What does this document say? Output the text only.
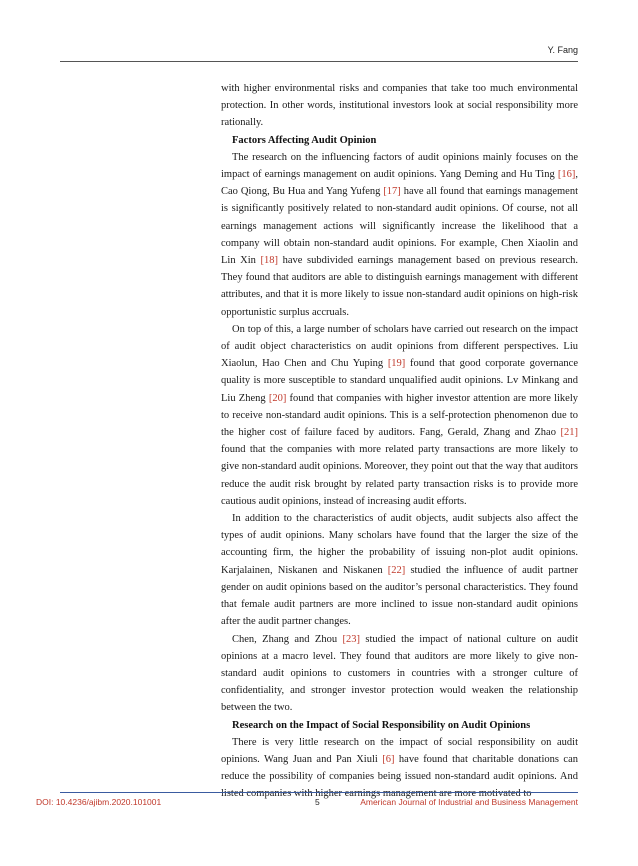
Y. Fang

with higher environmental risks and companies that take too much environmental protection. In other words, institutional investors look at social responsibility more rationally.

Factors Affecting Audit Opinion

The research on the influencing factors of audit opinions mainly focuses on the impact of earnings management on audit opinions. Yang Deming and Hu Ting [16], Cao Qiong, Bu Hua and Yang Yufeng [17] have all found that earnings management is significantly positively related to non-standard audit opinions. Of course, not all earnings management actions will significantly increase the likelihood that a company will obtain non-standard audit opinions. For example, Chen Xiaolin and Lin Xin [18] have subdivided earnings management based on previous research. They found that auditors are able to distinguish earnings management with different attributes, and that it is more likely to issue non-standard audit opinions on high-risk opportunistic surplus accruals.

On top of this, a large number of scholars have carried out research on the impact of audit object characteristics on audit opinions from different perspectives. Liu Xiaolun, Hao Chen and Chu Yuping [19] found that good corporate governance quality is more susceptible to standard unqualified audit opinions. Lv Minkang and Liu Zheng [20] found that companies with higher investor attention are more likely to receive non-standard audit opinions. This is a self-protection phenomenon due to the higher cost of failure faced by auditors. Fang, Gerald, Zhang and Zhao [21] found that the companies with more related party transactions are more likely to give non-standard audit opinions. Moreover, they point out that the way that auditors reduce the audit risk brought by related party transaction risks is to provide more cautious audit opinions, instead of increasing audit efforts.

In addition to the characteristics of audit objects, audit subjects also affect the types of audit opinions. Many scholars have found that the larger the size of the accounting firm, the higher the probability of issuing non-plot audit opinions. Karjalainen, Niskanen and Niskanen [22] studied the influence of audit partner gender on audit opinions based on the auditor’s personal characteristics. They found that female audit partners are more inclined to issue non-standard audit opinions after the audit partner changes.

Chen, Zhang and Zhou [23] studied the impact of national culture on audit opinions at a macro level. They found that auditors are more likely to give non-standard audit opinions to customers in countries with a stronger culture of confidentiality, and stronger investor protection would weaken the relationship between the two.

Research on the Impact of Social Responsibility on Audit Opinions

There is very little research on the impact of social responsibility on audit opinions. Wang Juan and Pan Xiuli [6] have found that charitable donations can reduce the possibility of companies being issued non-standard audit opinions. And listed companies with higher earnings management are more motivated to

DOI: 10.4236/ajibm.2020.101001	5	American Journal of Industrial and Business Management
